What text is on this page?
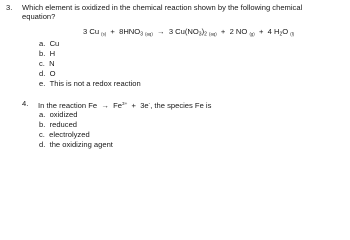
3. Which element is oxidized in the chemical reaction shown by the following chemical
equation?
3 Cu (s) + 8HNO3 (aq) → 3 Cu(NO3)2 (aq) + 2 NO (g) + 4 H2O (l)
a. Cu
b. H
c. N
d. O
e. This is not a redox reaction
4. In the reaction $Fe \to Fe^{3+} + 3e^-$, the species Fe is
a. oxidized
b. reduced
c. electrolyzed
d. the oxidizing agent
